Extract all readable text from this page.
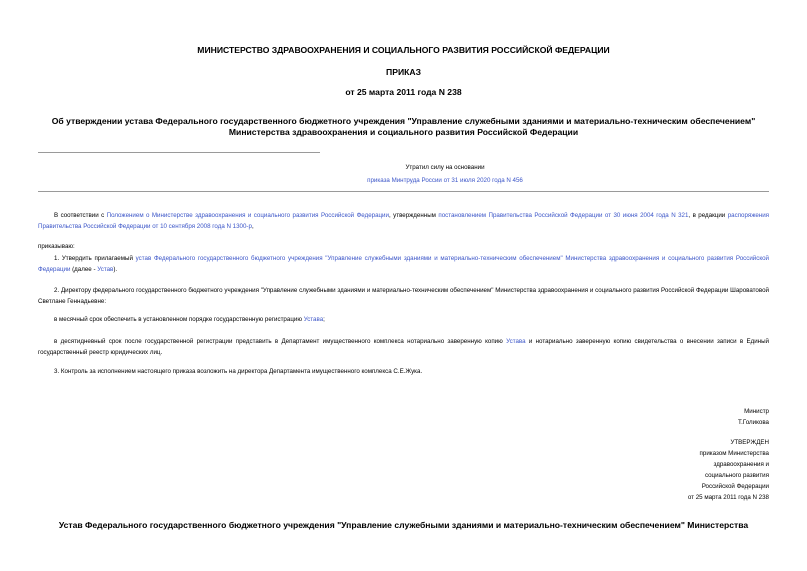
МИНИСТЕРСТВО ЗДРАВООХРАНЕНИЯ И СОЦИАЛЬНОГО РАЗВИТИЯ РОССИЙСКОЙ ФЕДЕРАЦИИ
ПРИКАЗ
от 25 марта 2011 года N 238
Об утверждении устава Федерального государственного бюджетного учреждения "Управление служебными зданиями и материально-техническим обеспечением"
Министерства здравоохранения и социального развития Российской Федерации
Утратил силу на основании
приказа Минтруда России от 31 июля 2020 года N 456
В соответствии с Положением о Министерстве здравоохранения и социального развития Российской Федерации, утвержденным постановлением Правительства Российской Федерации от 30 июня 2004 года N 321, в редакции распоряжения Правительства Российской Федерации от 10 сентября 2008 года N 1300-р,
приказываю:
1. Утвердить прилагаемый устав Федерального государственного бюджетного учреждения "Управление служебными зданиями и материально-техническим обеспечением" Министерства здравоохранения и социального развития Российской Федерации (далее - Устав).
2. Директору федерального государственного бюджетного учреждения "Управление служебными зданиями и материально-техническим обеспечением" Министерства здравоохранения и социального развития Российской Федерации Шароватовой Светлане Геннадьевне:
в месячный срок обеспечить в установленном порядке государственную регистрацию Устава;
в десятидневный срок после государственной регистрации представить в Департамент имущественного комплекса нотариально заверенную копию Устава и нотариально заверенную копию свидетельства о внесении записи в Единый государственный реестр юридических лиц.
3. Контроль за исполнением настоящего приказа возложить на директора Департамента имущественного комплекса С.Е.Жука.
Министр
Т.Голикова
УТВЕРЖДЕН
приказом Министерства
здравоохранения и
социального развития
Российской Федерации
от 25 марта 2011 года N 238
Устав Федерального государственного бюджетного учреждения "Управление служебными зданиями и материально-техническим обеспечением" Министерства
